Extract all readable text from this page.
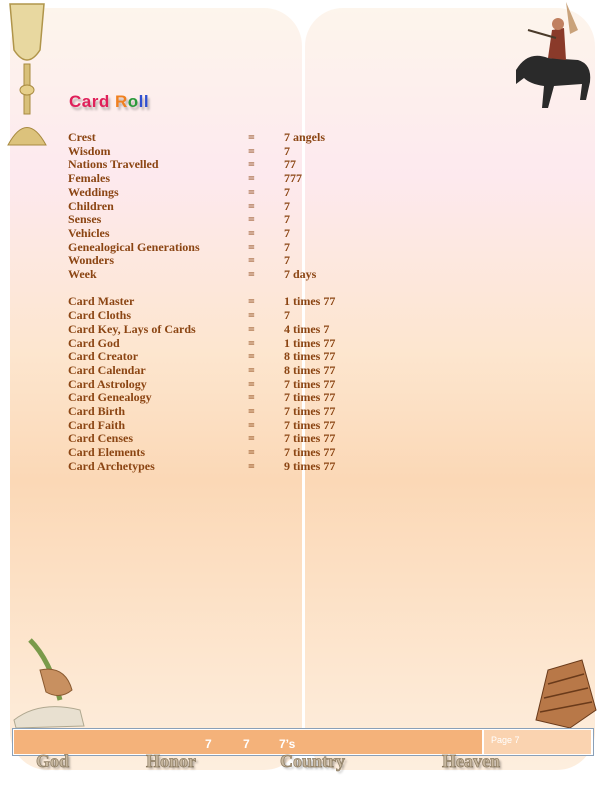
Card Roll
Crest	= 7 angels
Wisdom	= 7
Nations Travelled	= 77
Females	= 777
Weddings	= 7
Children	= 7
Senses	= 7
Vehicles	= 7
Genealogical Generations	= 7
Wonders	= 7
Week	= 7 days
Card Master	= 1 times 77
Card Cloths	= 7
Card Key, Lays of Cards	= 4 times 7
Card God	= 1 times 77
Card Creator	= 8 times 77
Card Calendar	= 8 times 77
Card Astrology	= 7 times 77
Card Genealogy	= 7 times 77
Card Birth	= 7 times 77
Card Faith	= 7 times 77
Card Censes	= 7 times 77
Card Elements	= 7 times 77
Card Archetypes	= 9 times 77
7	7 7’s	Page 7
God	Honor	Country	Heaven
